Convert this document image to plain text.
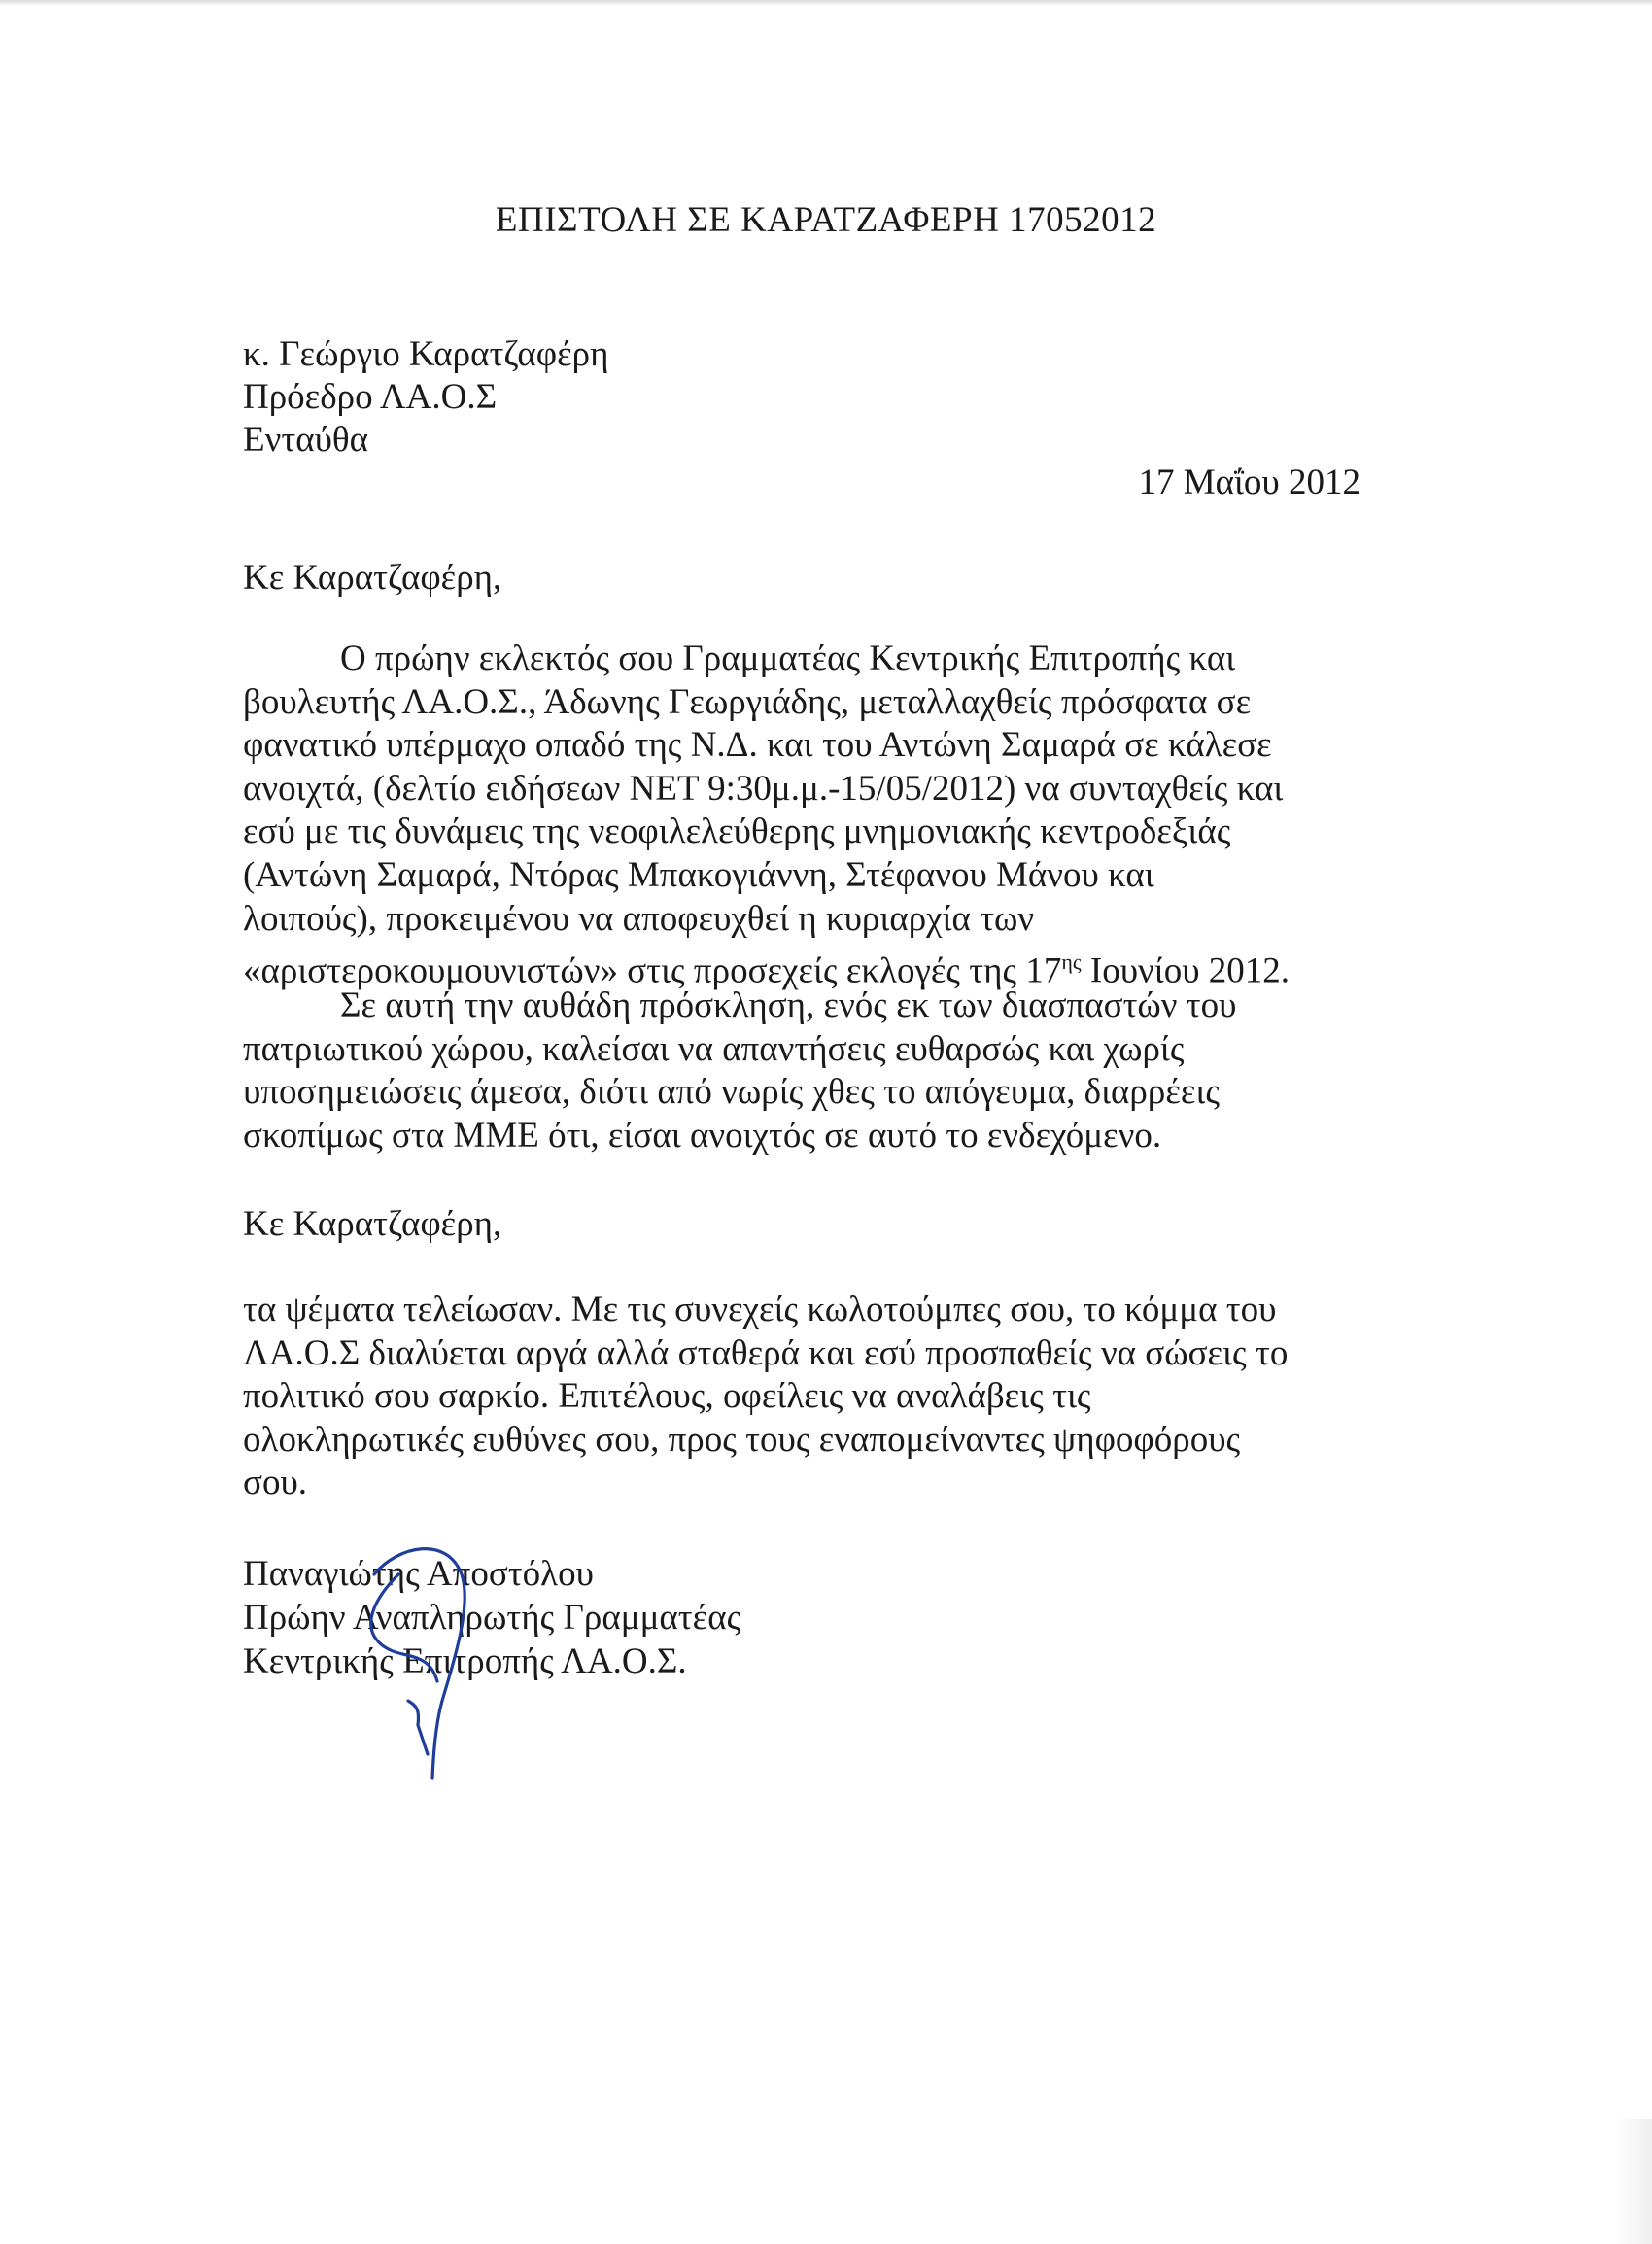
ΕΠΙΣΤΟΛΗ ΣΕ ΚΑΡΑΤΖΑΦΕΡΗ 17052012

κ. Γεώργιο Καρατζαφέρη

Πρόεδρο ΛΑ.Ο.Σ

Ενταύθα

17 Μαΐου 2012

Κε Καρατζαφέρη,

Ο πρώην εκλεκτός σου Γραμματέας Κεντρικής Επιτροπής και
βουλευτής ΛΑ.Ο.Σ., Άδωνης Γεωργιάδης, μεταλλαχθείς πρόσφατα σε
φανατικό υπέρμαχο οπαδό της Ν.Δ. και του Αντώνη Σαμαρά σε κάλεσε
ανοιχτά, (δελτίο ειδήσεων ΝΕΤ 9:30μ.μ.-15/05/2012) να συνταχθείς και
εσύ με τις δυνάμεις της νεοφιλελεύθερης μνημονιακής κεντροδεξιάς
(Αντώνη Σαμαρά, Ντόρας Μπακογιάννη, Στέφανου Μάνου και
λοιπούς), προκειμένου να αποφευχθεί η κυριαρχία των
«αριστεροκουμουνιστών» στις προσεχείς εκλογές της $17^{\eta\varsigma}$ Ιουνίου 2012.
Σε αυτή την αυθάδη πρόσκληση, ενός εκ των διασπαστών του
πατριωτικού χώρου, καλείσαι να απαντήσεις ευθαρσώς και χωρίς
υποσημειώσεις άμεσα, διότι από νωρίς χθες το απόγευμα, διαρρέεις
σκοπίμως στα ΜΜΕ ότι, είσαι ανοιχτός σε αυτό το ενδεχόμενο.

Κε Καρατζαφέρη,

τα ψέματα τελείωσαν. Με τις συνεχείς κωλοτούμπες σου, το κόμμα του
ΛΑ.Ο.Σ διαλύεται αργά αλλά σταθερά και εσύ προσπαθείς να σώσεις το
πολιτικό σου σαρκίο. Επιτέλους, οφείλεις να αναλάβεις τις
ολοκληρωτικές ευθύνες σου, προς τους εναπομείναντες ψηφοφόρους
σου.

Παναγιώτης Αποστόλου

Πρώην Αναπληρωτής Γραμματέας

Κεντρικής Επιτροπής ΛΑ.Ο.Σ.
